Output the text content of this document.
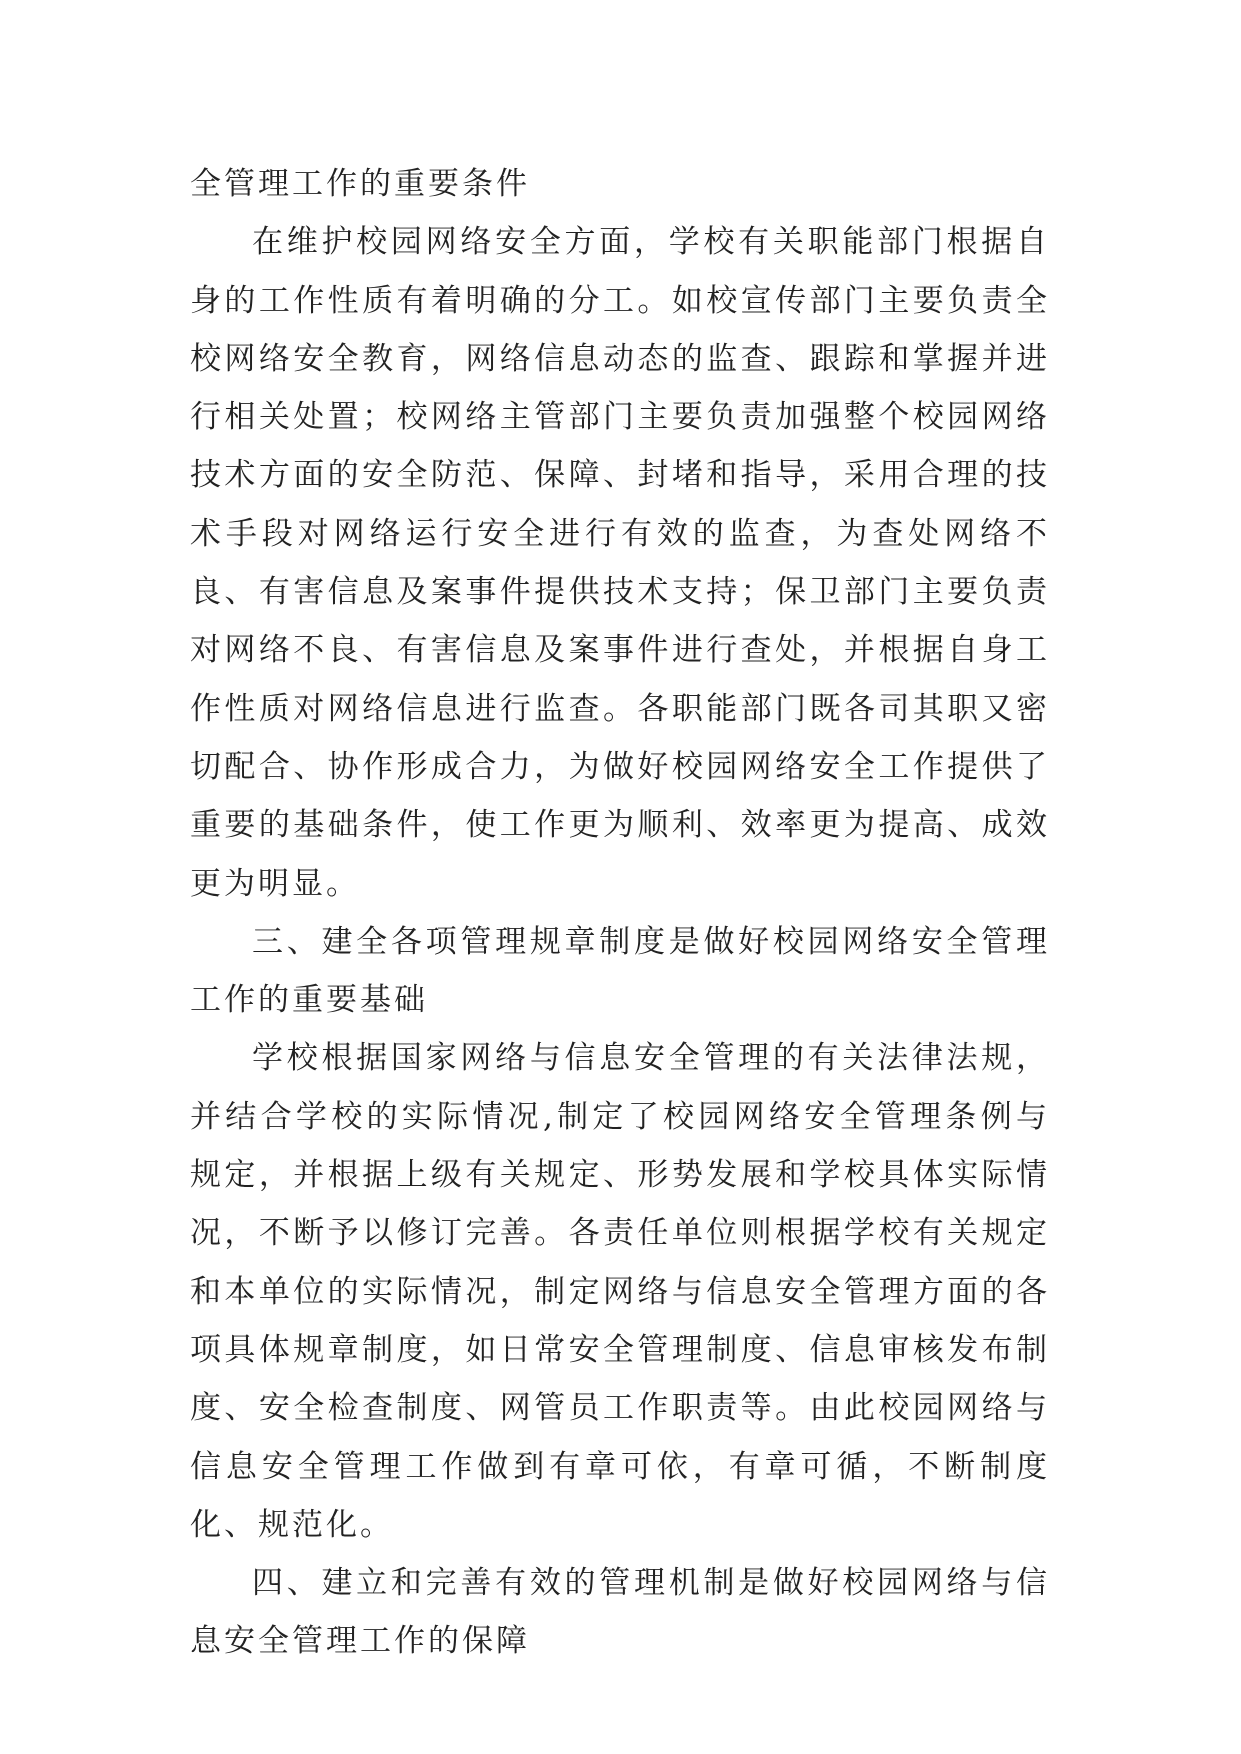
全管理工作的重要条件

在维护校园网络安全方面，学校有关职能部门根据自身的工作性质有着明确的分工。如校宣传部门主要负责全校网络安全教育，网络信息动态的监查、跟踪和掌握并进行相关处置；校网络主管部门主要负责加强整个校园网络技术方面的安全防范、保障、封堵和指导，采用合理的技术手段对网络运行安全进行有效的监查，为查处网络不良、有害信息及案事件提供技术支持；保卫部门主要负责对网络不良、有害信息及案事件进行查处，并根据自身工作性质对网络信息进行监查。各职能部门既各司其职又密切配合、协作形成合力，为做好校园网络安全工作提供了重要的基础条件，使工作更为顺利、效率更为提高、成效更为明显。

三、建全各项管理规章制度是做好校园网络安全管理工作的重要基础

学校根据国家网络与信息安全管理的有关法律法规，并结合学校的实际情况,制定了校园网络安全管理条例与规定，并根据上级有关规定、形势发展和学校具体实际情况，不断予以修订完善。各责任单位则根据学校有关规定和本单位的实际情况，制定网络与信息安全管理方面的各项具体规章制度，如日常安全管理制度、信息审核发布制度、安全检查制度、网管员工作职责等。由此校园网络与信息安全管理工作做到有章可依，有章可循，不断制度化、规范化。

四、建立和完善有效的管理机制是做好校园网络与信息安全管理工作的保障
